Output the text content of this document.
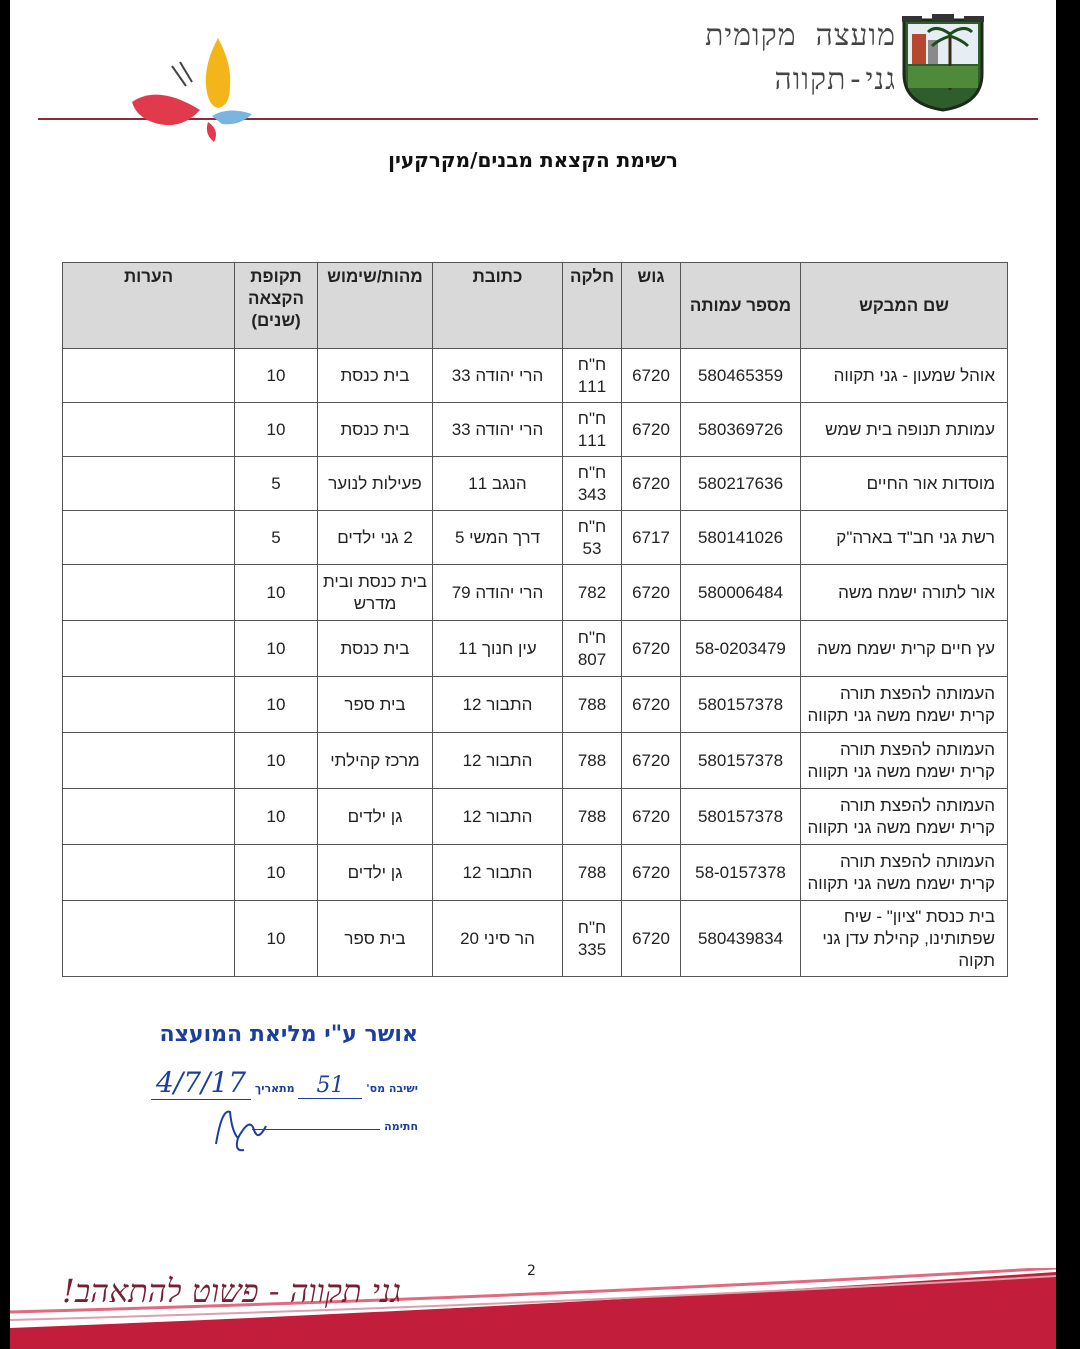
מועצה מקומית
גני-תקווה
רשימת הקצאת מבנים/מקרקעין
שם המבקש	מספר עמותה	גוש	חלקה	כתובת	מהות/שימוש	תקופת הקצאה (שנים)	הערות
אוהל שמעון - גני תקווה	580465359	6720	ח"ח 111	הרי יהודה 33	בית כנסת	10	
עמותת תנופה בית שמש	580369726	6720	ח"ח 111	הרי יהודה 33	בית כנסת	10	
מוסדות אור החיים	580217636	6720	ח"ח 343	הנגב 11	פעילות לנוער	5	
רשת גני חב"ד בארה"ק	580141026	6717	ח"ח 53	דרך המשי 5	2 גני ילדים	5	
אור לתורה ישמח משה	580006484	6720	782	הרי יהודה 79	בית כנסת ובית מדרש	10	
עץ חיים קרית ישמח משה	58-0203479	6720	ח"ח 807	עין חנוך 11	בית כנסת	10	
העמותה להפצת תורה קרית ישמח משה גני תקווה	580157378	6720	788	התבור 12	בית ספר	10	
העמותה להפצת תורה קרית ישמח משה גני תקווה	580157378	6720	788	התבור 12	מרכז קהילתי	10	
העמותה להפצת תורה קרית ישמח משה גני תקווה	580157378	6720	788	התבור 12	גן ילדים	10	
העמותה להפצת תורה קרית ישמח משה גני תקווה	58-0157378	6720	788	התבור 12	גן ילדים	10	
בית כנסת "ציון" - שיח שפתותינו, קהילת עדן גני תקוה	580439834	6720	ח"ח 335	הר סיני 20	בית ספר	10	
אושר ע"י מליאת המועצה
ישיבה מס' 51 מתאריך 4/7/17
חתימה
2
גני תקווה - פשוט להתאהב!
